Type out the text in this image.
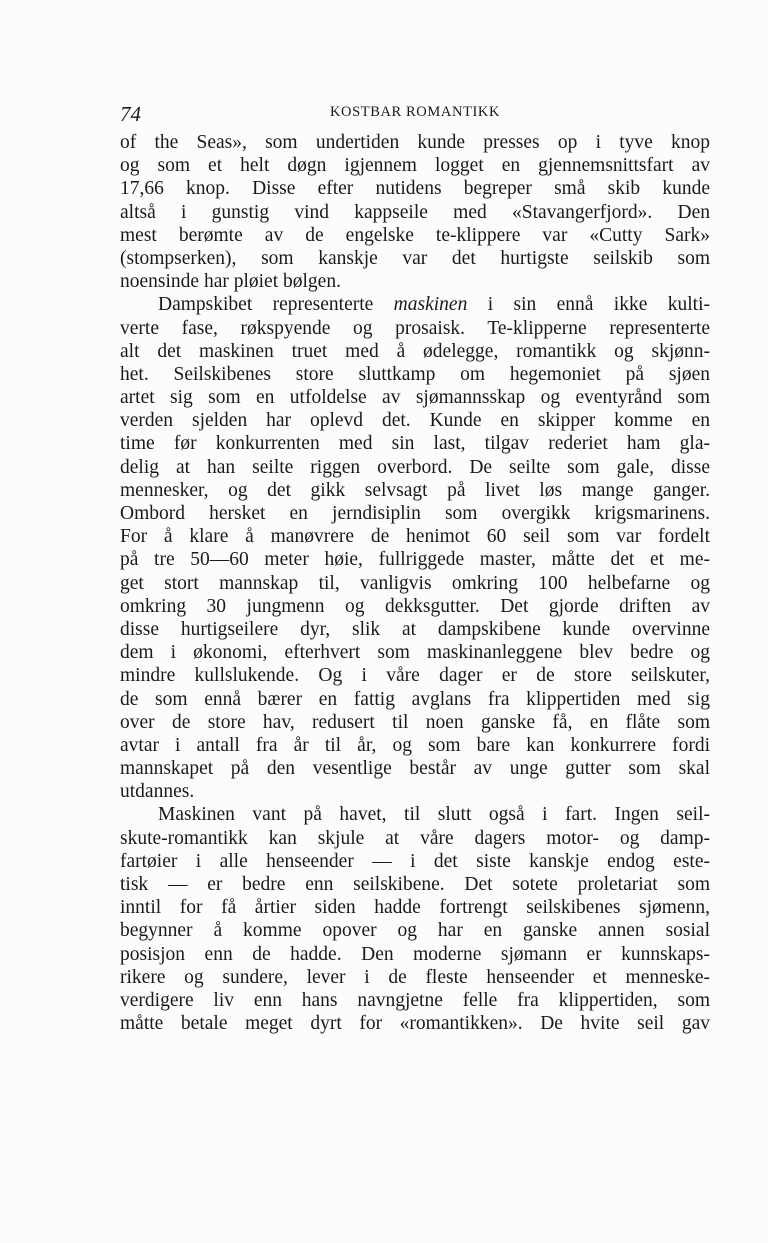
74	KOSTBAR ROMANTIKK
of the Seas», som undertiden kunde presses op i tyve knop
og som et helt døgn igjennem logget en gjennemsnittsfart av
17,66 knop. Disse efter nutidens begreper små skib kunde
altså i gunstig vind kappseile med «Stavangerfjord». Den
mest berømte av de engelske te-klippere var «Cutty Sark»
(stompserken), som kanskje var det hurtigste seilskib som
noensinde har pløiet bølgen.
Dampskibet representerte maskinen i sin ennå ikke kulti-
verte fase, røkspyende og prosaisk. Te-klipperne representerte
alt det maskinen truet med å ødelegge, romantikk og skjønn-
het. Seilskibenes store sluttkamp om hegemoniet på sjøen
artet sig som en utfoldelse av sjømannsskap og eventyrånd som
verden sjelden har oplevd det. Kunde en skipper komme en
time før konkurrenten med sin last, tilgav rederiet ham gla-
delig at han seilte riggen overbord. De seilte som gale, disse
mennesker, og det gikk selvsagt på livet løs mange ganger.
Ombord hersket en jerndisiplin som overgikk krigsmarinens.
For å klare å manøvrere de henimot 60 seil som var fordelt
på tre 50—60 meter høie, fullriggede master, måtte det et me-
get stort mannskap til, vanligvis omkring 100 helbefarne og
omkring 30 jungmenn og dekksgutter. Det gjorde driften av
disse hurtigseilere dyr, slik at dampskibene kunde overvinne
dem i økonomi, efterhvert som maskinanleggene blev bedre og
mindre kullslukende. Og i våre dager er de store seilskuter,
de som ennå bærer en fattig avglans fra klippertiden med sig
over de store hav, redusert til noen ganske få, en flåte som
avtar i antall fra år til år, og som bare kan konkurrere fordi
mannskapet på den vesentlige består av unge gutter som skal
utdannes.
Maskinen vant på havet, til slutt også i fart. Ingen seil-
skute-romantikk kan skjule at våre dagers motor- og damp-
fartøier i alle henseender — i det siste kanskje endog este-
tisk — er bedre enn seilskibene. Det sotete proletariat som
inntil for få årtier siden hadde fortrengt seilskibenes sjømenn,
begynner å komme opover og har en ganske annen sosial
posisjon enn de hadde. Den moderne sjømann er kunnskaps-
rikere og sundere, lever i de fleste henseender et menneske-
verdigere liv enn hans navngjetne felle fra klippertiden, som
måtte betale meget dyrt for «romantikken». De hvite seil gav
